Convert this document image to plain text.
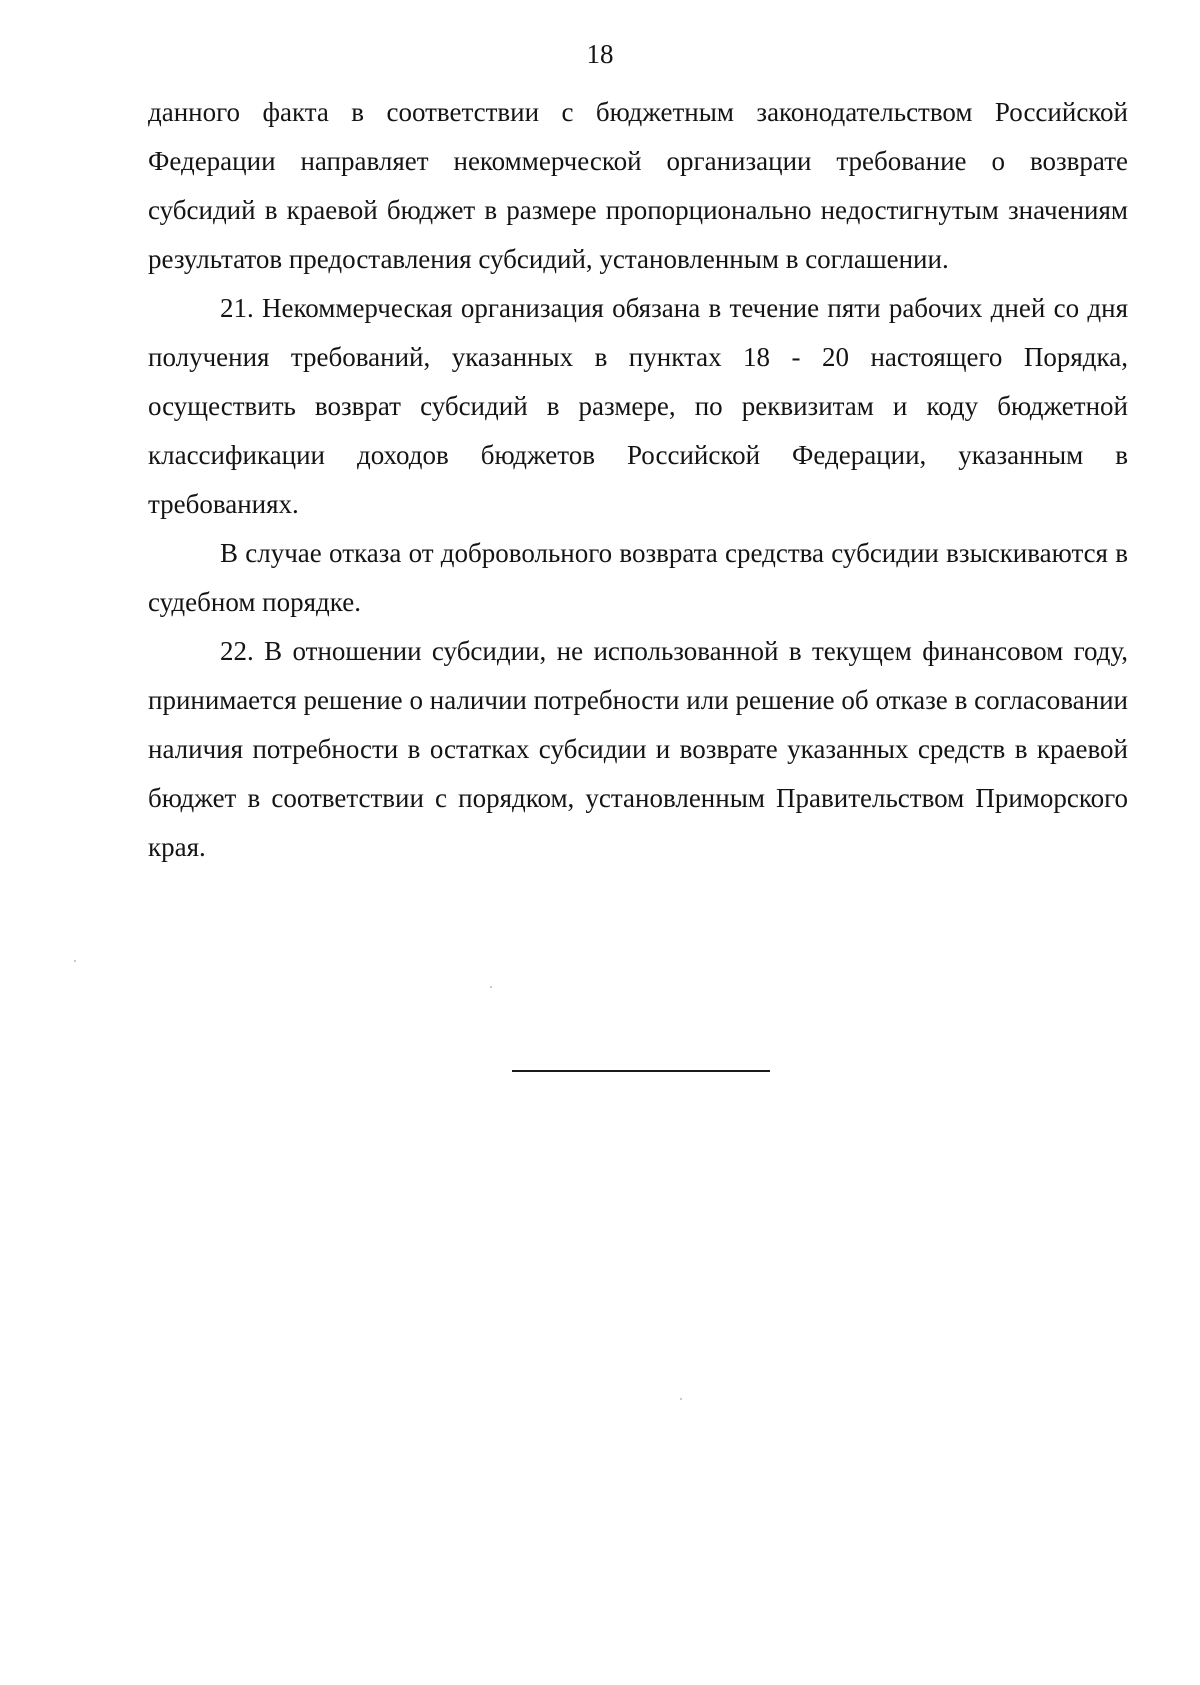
18

данного факта в соответствии с бюджетным законодательством Российской Федерации направляет некоммерческой организации требование о возврате субсидий в краевой бюджет в размере пропорционально недостигнутым значениям результатов предоставления субсидий, установленным в соглашении.

21. Некоммерческая организация обязана в течение пяти рабочих дней со дня получения требований, указанных в пунктах 18 - 20 настоящего Порядка, осуществить возврат субсидий в размере, по реквизитам и коду бюджетной классификации доходов бюджетов Российской Федерации, указанным в требованиях.

В случае отказа от добровольного возврата средства субсидии взыскиваются в судебном порядке.

22. В отношении субсидии, не использованной в текущем финансовом году, принимается решение о наличии потребности или решение об отказе в согласовании наличия потребности в остатках субсидии и возврате указанных средств в краевой бюджет в соответствии с порядком, установленным Правительством Приморского края.
